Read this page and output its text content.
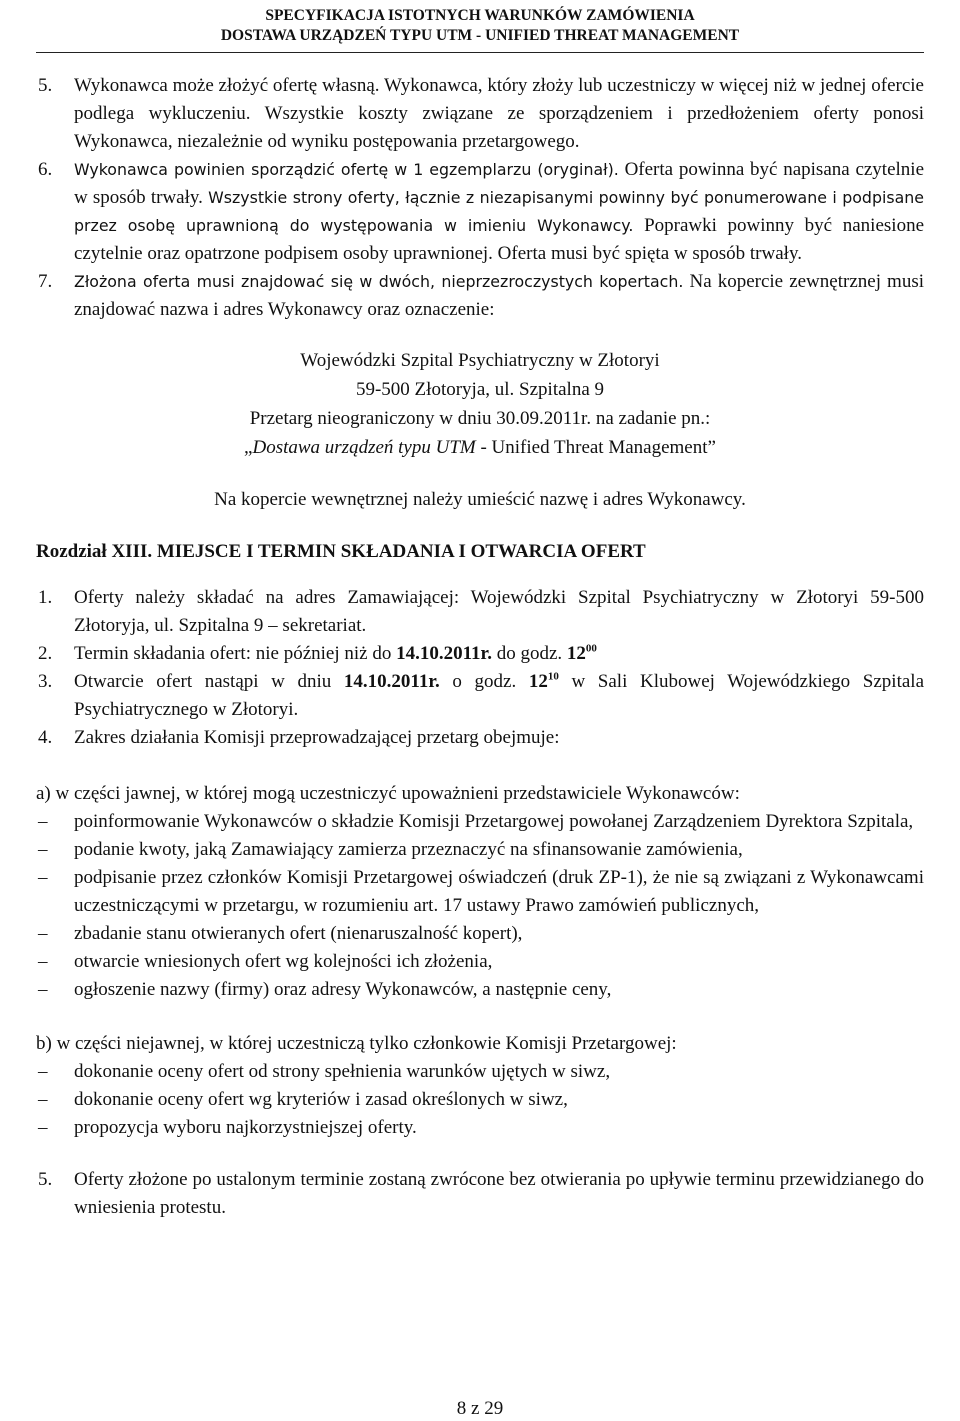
SPECYFIKACJA ISTOTNYCH WARUNKÓW ZAMÓWIENIA
DOSTAWA URZĄDZEŃ TYPU UTM - UNIFIED THREAT MANAGEMENT
5. Wykonawca może złożyć ofertę własną. Wykonawca, który złoży lub uczestniczy w więcej niż w jednej ofercie podlega wykluczeniu. Wszystkie koszty związane ze sporządzeniem i przedłożeniem oferty ponosi Wykonawca, niezależnie od wyniku postępowania przetargowego.
6. Wykonawca powinien sporządzić ofertę w 1 egzemplarzu (oryginał). Oferta powinna być napisana czytelnie w sposób trwały. Wszystkie strony oferty, łącznie z niezapisanymi powinny być ponumerowane i podpisane przez osobę uprawnioną do występowania w imieniu Wykonawcy. Poprawki powinny być naniesione czytelnie oraz opatrzone podpisem osoby uprawnionej. Oferta musi być spięta w sposób trwały.
7. Złożona oferta musi znajdować się w dwóch, nieprzezroczystych kopertach. Na kopercie zewnętrznej musi znajdować nazwa i adres Wykonawcy oraz oznaczenie:
Wojewódzki Szpital Psychiatryczny w Złotoryi
59-500 Złotoryja, ul. Szpitalna 9
Przetarg nieograniczony w dniu 30.09.2011r. na zadanie pn.:
„Dostawa urządzeń typu UTM - Unified Threat Management”
Na kopercie wewnętrznej należy umieścić nazwę i adres Wykonawcy.
Rozdział XIII. MIEJSCE I TERMIN SKŁADANIA I OTWARCIA OFERT
1. Oferty należy składać na adres Zamawiającej: Wojewódzki Szpital Psychiatryczny w Złotoryi 59-500 Złotoryja, ul. Szpitalna 9 – sekretariat.
2. Termin składania ofert: nie później niż do 14.10.2011r. do godz. $12^{00}$
3. Otwarcie ofert nastąpi w dniu 14.10.2011r. o godz. $12^{10}$ w Sali Klubowej Wojewódzkiego Szpitala Psychiatrycznego w Złotoryi.
4. Zakres działania Komisji przeprowadzającej przetarg obejmuje:
a) w części jawnej, w której mogą uczestniczyć upoważnieni przedstawiciele Wykonawców:
– poinformowanie Wykonawców o składzie Komisji Przetargowej powołanej Zarządzeniem Dyrektora Szpitala,
– podanie kwoty, jaką Zamawiający zamierza przeznaczyć na sfinansowanie zamówienia,
– podpisanie przez członków Komisji Przetargowej oświadczeń (druk ZP-1), że nie są związani z Wykonawcami uczestniczącymi w przetargu, w rozumieniu art. 17 ustawy Prawo zamówień publicznych,
– zbadanie stanu otwieranych ofert (nienaruszalność kopert),
– otwarcie wniesionych ofert wg kolejności ich złożenia,
– ogłoszenie nazwy (firmy) oraz adresy Wykonawców, a następnie ceny,
b) w części niejawnej, w której uczestniczą tylko członkowie Komisji Przetargowej:
– dokonanie oceny ofert od strony spełnienia warunków ujętych w siwz,
– dokonanie oceny ofert wg kryteriów i zasad określonych w siwz,
– propozycja wyboru najkorzystniejszej oferty.
5. Oferty złożone po ustalonym terminie zostaną zwrócone bez otwierania po upływie terminu przewidzianego do wniesienia protestu.
8 z 29
